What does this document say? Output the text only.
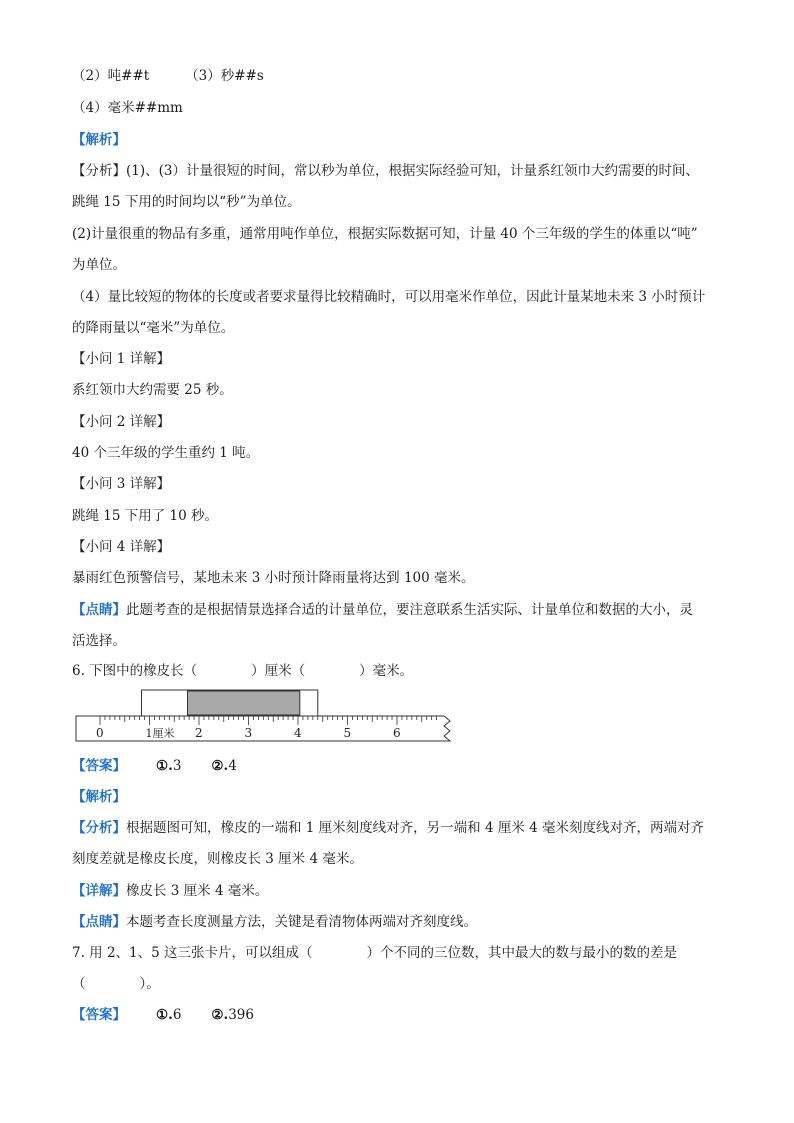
（2）吨##t	（3）秒##s
（4）毫米##mm
【解析】
【分析】(1)、(3）计量很短的时间，常以秒为单位，根据实际经验可知，计量系红领巾大约需要的时间、
跳绳 15 下用的时间均以“秒”为单位。
(2)计量很重的物品有多重，通常用吨作单位，根据实际数据可知，计量 40 个三年级的学生的体重以“吨”
为单位。
（4）量比较短的物体的长度或者要求量得比较精确时，可以用毫米作单位，因此计量某地未来 3 小时预计
的降雨量以“毫米”为单位。
【小问 1 详解】
系红领巾大约需要 25 秒。
【小问 2 详解】
40 个三年级的学生重约 1 吨。
【小问 3 详解】
跳绳 15 下用了 10 秒。
【小问 4 详解】
暴雨红色预警信号，某地未来 3 小时预计降雨量将达到 100 毫米。
【点睛】此题考查的是根据情景选择合适的计量单位，要注意联系生活实际、计量单位和数据的大小，灵
活选择。
6. 下图中的橡皮长（　　　　）厘米（　　　　）毫米。
0	1厘米 2	3	4	5	6
【答案】 ①.3 ②.4
【解析】
【分析】根据题图可知，橡皮的一端和 1 厘米刻度线对齐，另一端和 4 厘米 4 毫米刻度线对齐，两端对齐
刻度差就是橡皮长度，则橡皮长 3 厘米 4 毫米。
【详解】橡皮长 3 厘米 4 毫米。
【点睛】本题考查长度测量方法，关键是看清物体两端对齐刻度线。
7. 用 2、1、5 这三张卡片，可以组成（　　　　）个不同的三位数，其中最大的数与最小的数的差是
（　　　　）。
【答案】 ①.6 ②.396
